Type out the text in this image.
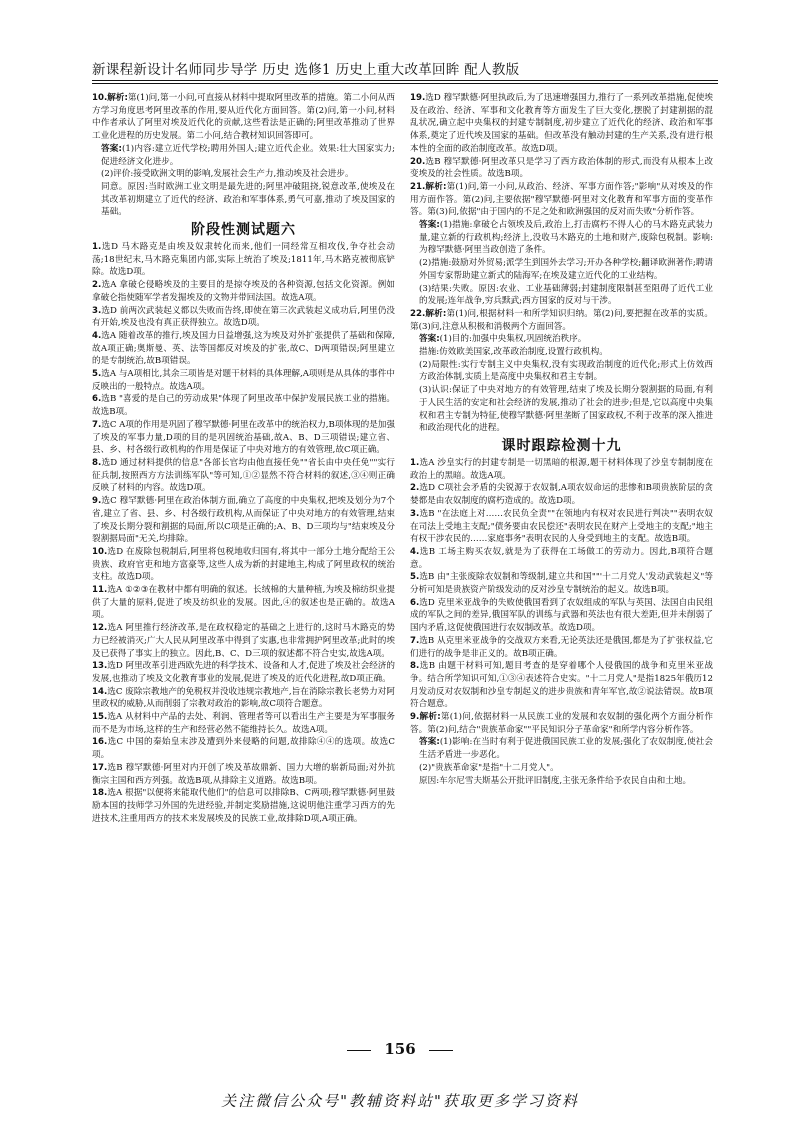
新课程新设计名师同步导学 历史 选修1 历史上重大改革回眸 配人教版

10.解析:第(1)问,第一小问,可直接从材料中提取阿里改革的措施。第二小问从西方学习角度思考阿里改革的作用,要从近代化方面回答。第(2)问,第一小问,材料中作者承认了阿里对埃及近代化的贡献,这些看法是正确的;阿里改革推动了世界工业化进程的历史发展。第二小问,结合教材知识回答即可。

答案:(1)内容:建立近代学校;聘用外国人;建立近代企业。效果:壮大国家实力;促进经济文化进步。

(2)评价:接受欧洲文明的影响,发展社会生产力,推动埃及社会进步。

同意。原因:当时欧洲工业文明是最先进的;阿里冲破阻挠,锐意改革,使埃及在其改革初期建立了近代的经济、政治和军事体系,勇气可嘉,推动了埃及国家的基础。

阶段性测试题六

1.选D 马木路克是由埃及奴隶转化而来,他们一同经常互相攻伐,争夺社会动荡;18世纪末,马木路克集团内部,实际上统治了埃及;1811年,马木路克被彻底铲除。故选D项。

2.选A 拿破仑侵略埃及的主要目的是掠夺埃及的各种资源,包括文化资源。例如拿破仑指使随军学者发掘埃及的文物并带回法国。故选A项。

3.选D 前两次武装起义都以失败而告终,即使在第三次武装起义成功后,阿里仍没有开始,埃及也没有真正获得独立。故选D项。

4.选A 随着改革的推行,埃及国力日益增强,这为埃及对外扩张提供了基础和保障,故A项正确;奥斯曼、英、法等国都反对埃及的扩张,故C、D两项错误;阿里建立的是专制统治,故B项错误。

5.选A 与A项相比,其余三项皆是对题干材料的具体理解,A项则是从具体的事件中反映出的一般特点。故选A项。

6.选B "喜爱的是自己的劳动成果"体现了阿里改革中保护发展民族工业的措施。故选B项。

7.选C A项的作用是巩固了穆罕默德·阿里在改革中的统治权力,B项体现的是加强了埃及的军事力量,D项的目的是巩固统治基础,故A、B、D三项错误;建立省、县、乡、村各级行政机构的作用是保证了中央对地方的有效管理,故C项正确。

8.选D 通过材料提供的信息"各部长官均由他直接任免""省长由中央任免""实行征兵制,按照西方方法训练军队"等可知,①②显然不符合材料的叙述,③④则正确反映了材料的内容。故选D项。

9.选C 穆罕默德·阿里在政治体制方面,确立了高度的中央集权,把埃及划分为7个省,建立了省、县、乡、村各级行政机构,从而保证了中央对地方的有效管理,结束了埃及长期分裂和割据的局面,所以C项是正确的;A、B、D三项均与"结束埃及分裂割据局面"无关,均排除。

10.选D 在废除包税制后,阿里将包税地收归国有,将其中一部分土地分配给王公贵族、政府官吏和地方富豪等,这些人成为新的封建地主,构成了阿里政权的统治支柱。故选D项。

11.选A ①②③在教材中都有明确的叙述。长绒棉的大量种植,为埃及棉纺织业提供了大量的原料,促进了埃及纺织业的发展。因此,④的叙述也是正确的。故选A项。

12.选A 阿里推行经济改革,是在政权稳定的基础之上进行的,这时马木路克的势力已经被消灭;广大人民从阿里改革中得到了实惠,也非常拥护阿里改革;此时的埃及已获得了事实上的独立。因此,B、C、D三项的叙述都不符合史实,故选A项。

13.选D 阿里改革引进西欧先进的科学技术、设备和人才,促进了埃及社会经济的发展,也推动了埃及文化教育事业的发展,促进了埃及的近代化进程,故D项正确。

14.选C 废除宗教地产的免税权并没收违规宗教地产,旨在消除宗教长老势力对阿里政权的威胁,从而削弱了宗教对政治的影响,故C项符合题意。

15.选A 从材料中产品的去处、利润、管理者等可以看出生产主要是为军事服务而不是为市场,这样的生产和经营必然不能维持长久。故选A项。

16.选C 中国的秦始皇末涉及遭到外来侵略的问题,故排除④④的选项。故选C项。

17.选B 穆罕默德·阿里对内开创了埃及革故鼎新、国力大增的崭新局面;对外抗衡宗主国和西方列强。故选B项,从排除主义道路。故选B项。

18.选A 根据"以便将来能取代他们"的信息可以排除B、C两项;穆罕默德·阿里鼓励本国的技师学习外国的先进经验,并制定奖励措施,这说明他注重学习西方的先进技术,注重用西方的技术来发展埃及的民族工业,故排除D项,A项正确。

19.选D 穆罕默德·阿里执政后,为了迅速增强国力,推行了一系列改革措施,促使埃及在政治、经济、军事和文化教育等方面发生了巨大变化,摆脱了封建割据的混乱状况,确立起中央集权的封建专制制度,初步建立了近代化的经济、政治和军事体系,奠定了近代埃及国家的基础。但改革没有触动封建的生产关系,没有进行根本性的全面的政治制度改革。故选D项。

20.选B 穆罕默德·阿里改革只是学习了西方政治体制的形式,而没有从根本上改变埃及的社会性质。故选B项。

21.解析:第(1)问,第一小问,从政治、经济、军事方面作答;"影响"从对埃及的作用方面作答。第(2)问,主要依据"穆罕默德·阿里对文化教育和军事方面的变革作答。第(3)问,依据"由于国内的不足之处和欧洲强国的反对而失败"分析作答。

答案:(1)措施:拿破仑占领埃及后,政治上,打击腐朽不得人心的马木路克武装力量,建立新的行政机构;经济上,没收马木路克的土地和财产,废除包税制。影响:为穆罕默德·阿里当政创造了条件。

(2)措施:鼓励对外贸易;派学生到国外去学习;开办各种学校;翻译欧洲著作;聘请外国专家帮助建立新式的陆海军;在埃及建立近代化的工业结构。

(3)结果:失败。原因:农业、工业基础薄弱;封建制度限制甚至阻碍了近代工业的发展;连年战争,穷兵黩武;西方国家的反对与干涉。

22.解析:第(1)问,根据材料一和所学知识归纳。第(2)问,要把握在改革的实质。第(3)问,注意从积极和消极两个方面回答。

答案:(1)目的:加强中央集权,巩固统治秩序。

措施:仿效欧美国家,改革政治制度,设置行政机构。

(2)局限性:实行专制主义中央集权,没有实现政治制度的近代化;形式上仿效西方政治体制,实质上是高度中央集权和君主专制。

(3)认识:保证了中央对地方的有效管理,结束了埃及长期分裂割据的局面,有利于人民生活的安定和社会经济的发展,推动了社会的进步;但是,它以高度中央集权和君主专制为特征,使穆罕默德·阿里垄断了国家政权,不利于改革的深入推进和政治现代化的进程。

课时跟踪检测十九

1.选A 沙皇实行的封建专制是一切黑暗的根源,题干材料体现了沙皇专制制度在政治上的黑暗。故选A项。

2.选D C项社会矛盾的尖锐源于农奴制,A项农奴命运的悲惨和B项贵族阶层的贪婪都是由农奴制度的腐朽造成的。故选D项。

3.选B "在法庭上对……农民负全责""在领地内有权对农民进行判决""表明农奴在司法上受地主支配;"债务要由农民偿还"表明农民在财产上受地主的支配;"地主有权干涉农民的……家庭事务"表明农民的人身受到地主的支配。故选B项。

4.选B 工场主购买农奴,就是为了获得在工场做工的劳动力。因此,B项符合题意。

5.选B 由"主张废除农奴制和等级制,建立共和国""'十二月党人'发动武装起义"等分析可知是贵族资产阶级发动的反对沙皇专制统治的起义。故选B项。

6.选D 克里米亚战争的失败使俄国看到了农奴组成的军队与英国、法国自由民组成的军队之间的差异,俄国军队的训练与武器和英法也有很大差距,但并未削弱了国内矛盾,这促使俄国进行农奴制改革。故选D项。

7.选B 从克里米亚战争的交战双方来看,无论英法还是俄国,都是为了扩张权益,它们进行的战争是非正义的。故B项正确。

8.选B 由题干材料可知,题目考查的是穿着哪个人侵俄国的战争和克里米亚战争。结合所学知识可知,①③④表述符合史实。"十二月党人"是指1825年俄历12月发动反对农奴制和沙皇专制起义的进步贵族和青年军官,故②说法错误。故B项符合题意。

9.解析:第(1)问,依据材料一从民族工业的发展和农奴制的强化两个方面分析作答。第(2)问,结合"贵族革命家""平民知识分子革命家"和所学内容分析作答。

答案:(1)影响:在当时有利于促进俄国民族工业的发展;强化了农奴制度,使社会生活矛盾进一步恶化。

(2)"贵族革命家"是指"十二月党人"。

原因:车尔尼雪夫斯基公开批评旧制度,主张无条件给予农民自由和土地。

156
关注微信公众号"教辅资料站"获取更多学习资料
